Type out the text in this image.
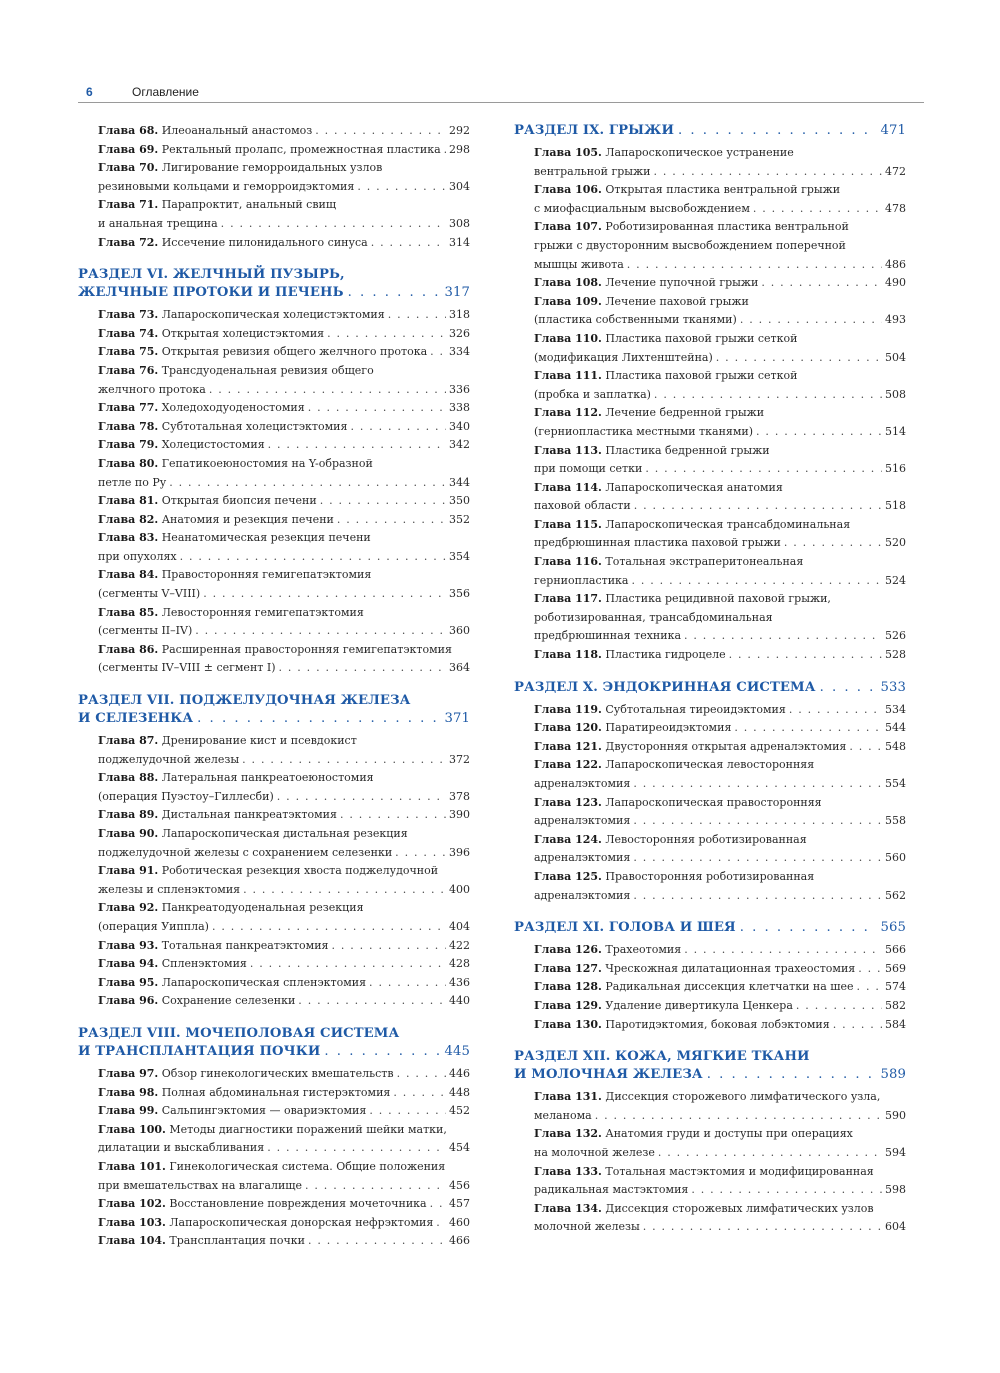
6	Оглавление
Глава 68. Илеоанальный анастомоз . . .	292
Глава 69. Ректальный пролапс, промежностная пластика . . . 298
Глава 70. Лигирование геморроидальных узлов
резиновыми кольцами и геморроидэктомия . . .	304
Глава 71. Парапроктит, анальный свищ
и анальная трещина . . .	308
Глава 72. Иссечение пилонидального синуса . . .	314
РАЗДЕЛ VI. ЖЕЛЧНЫЙ ПУЗЫРЬ,
ЖЕЛЧНЫЕ ПРОТОКИ И ПЕЧЕНЬ . . .	317
Глава 73. Лапароскопическая холецистэктомия . . .	318
Глава 74. Открытая холецистэктомия . . .	326
Глава 75. Открытая ревизия общего желчного протока . . . 334
Глава 76. Трансдуоденальная ревизия общего
желчного протока . . .	336
Глава 77. Холедоходуоденостомия . . .	338
Глава 78. Субтотальная холецистэктомия . . .	340
Глава 79. Холецистостомия . . .	342
Глава 80. Гепатикоеюностомия на Y-образной
петле по Ру . . .	344
Глава 81. Открытая биопсия печени . . .	350
Глава 82. Анатомия и резекция печени . . .	352
Глава 83. Неанатомическая резекция печени
при опухолях . . .	354
Глава 84. Правосторонняя гемигепатэктомия
(сегменты V–VIII) . . .	356
Глава 85. Левосторонняя гемигепатэктомия
(сегменты II–IV) . . .	360
Глава 86. Расширенная правосторонняя гемигепатэктомия
(сегменты IV–VIII ± сегмент I) . . .	364
РАЗДЕЛ VII. ПОДЖЕЛУДОЧНАЯ ЖЕЛЕЗА
И СЕЛЕЗЕНКА . . .	371
Глава 87. Дренирование кист и псевдокист
поджелудочной железы . . .	372
Глава 88. Латеральная панкреатоеюностомия
(операция Пуэстоу–Гиллесби) . . .	378
Глава 89. Дистальная панкреатэктомия . . .	390
Глава 90. Лапароскопическая дистальная резекция
поджелудочной железы с сохранением селезенки . . .	396
Глава 91. Роботическая резекция хвоста поджелудочной
железы и спленэктомия . . .	400
Глава 92. Панкреатодуоденальная резекция
(операция Уиппла) . . .	404
Глава 93. Тотальная панкреатэктомия . . .	422
Глава 94. Спленэктомия . . .	428
Глава 95. Лапароскопическая спленэктомия . . .	436
Глава 96. Сохранение селезенки . . .	440
РАЗДЕЛ VIII. МОЧЕПОЛОВАЯ СИСТЕМА
И ТРАНСПЛАНТАЦИЯ ПОЧКИ . . .	445
Глава 97. Обзор гинекологических вмешательств . . .	446
Глава 98. Полная абдоминальная гистерэктомия . . .	448
Глава 99. Сальпингэктомия — овариэктомия . . .	452
Глава 100. Методы диагностики поражений шейки матки,
дилатации и выскабливания . . .	454
Глава 101. Гинекологическая система. Общие положения
при вмешательствах на влагалище . . .	456
Глава 102. Восстановление повреждения мочеточника . . . 457
Глава 103. Лапароскопическая донорская нефрэктомия . . . 460
Глава 104. Трансплантация почки . . .	466
РАЗДЕЛ IX. ГРЫЖИ . . .	471
Глава 105. Лапароскопическое устранение
вентральной грыжи . . .	472
Глава 106. Открытая пластика вентральной грыжи
с миофасциальным высвобождением . . .	478
Глава 107. Роботизированная пластика вентральной
грыжи с двусторонним высвобождением поперечной
мышцы живота . . .	486
Глава 108. Лечение пупочной грыжи . . .	490
Глава 109. Лечение паховой грыжи
(пластика собственными тканями) . . .	493
Глава 110. Пластика паховой грыжи сеткой
(модификация Лихтенштейна) . . .	504
Глава 111. Пластика паховой грыжи сеткой
(пробка и заплатка) . . .	508
Глава 112. Лечение бедренной грыжи
(герниопластика местными тканями) . . .	514
Глава 113. Пластика бедренной грыжи
при помощи сетки . . .	516
Глава 114. Лапароскопическая анатомия
паховой области . . .	518
Глава 115. Лапароскопическая трансабдоминальная
предбрюшинная пластика паховой грыжи . . .	520
Глава 116. Тотальная экстраперитонеальная
герниопластика . . .	524
Глава 117. Пластика рецидивной паховой грыжи,
роботизированная, трансабдоминальная
предбрюшинная техника . . .	526
Глава 118. Пластика гидроцеле . . .	528
РАЗДЕЛ X. ЭНДОКРИННАЯ СИСТЕМА . . .	533
Глава 119. Субтотальная тиреоидэктомия . . .	534
Глава 120. Паратиреоидэктомия . . .	544
Глава 121. Двусторонняя открытая адреналэктомия . . .	548
Глава 122. Лапароскопическая левосторонняя
адреналэктомия . . .	554
Глава 123. Лапароскопическая правосторонняя
адреналэктомия . . .	558
Глава 124. Левосторонняя роботизированная
адреналэктомия . . .	560
Глава 125. Правосторонняя роботизированная
адреналэктомия . . .	562
РАЗДЕЛ XI. ГОЛОВА И ШЕЯ . . .	565
Глава 126. Трахеотомия . . .	566
Глава 127. Чрескожная дилатационная трахеостомия . . .	569
Глава 128. Радикальная диссекция клетчатки на шее . . .	574
Глава 129. Удаление дивертикула Ценкера . . .	582
Глава 130. Паротидэктомия, боковая лобэктомия . . .	584
РАЗДЕЛ XII. КОЖА, МЯГКИЕ ТКАНИ
И МОЛОЧНАЯ ЖЕЛЕЗА . . .	589
Глава 131. Диссекция сторожевого лимфатического узла,
меланома . . .	590
Глава 132. Анатомия груди и доступы при операциях
на молочной железе . . .	594
Глава 133. Тотальная мастэктомия и модифицированная
радикальная мастэктомия . . .	598
Глава 134. Диссекция сторожевых лимфатических узлов
молочной железы . . .	604
